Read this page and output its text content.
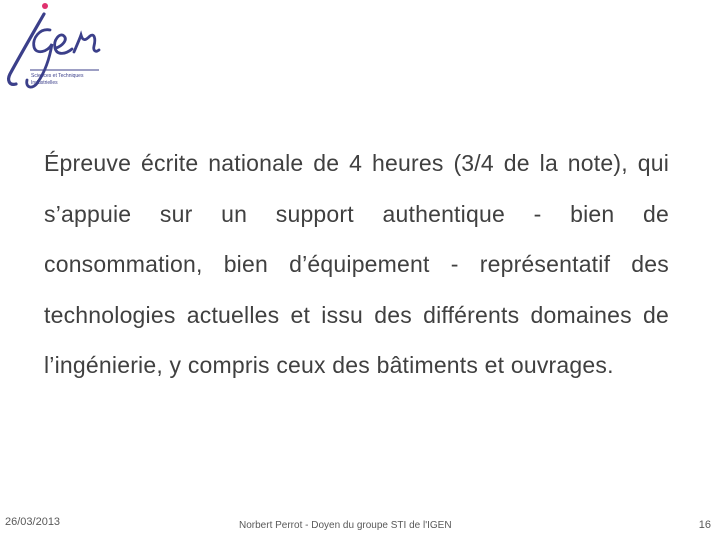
Sciences et Techniques Industrielles

Épreuve écrite nationale de 4 heures (3/4 de la note), qui s’appuie sur un support authentique - bien de consommation, bien d’équipement - représentatif des technologies actuelles et issu des différents domaines de l’ingénierie, y compris ceux des bâtiments et ouvrages.

26/03/2013	Norbert Perrot - Doyen du groupe STI de l'IGEN	16
